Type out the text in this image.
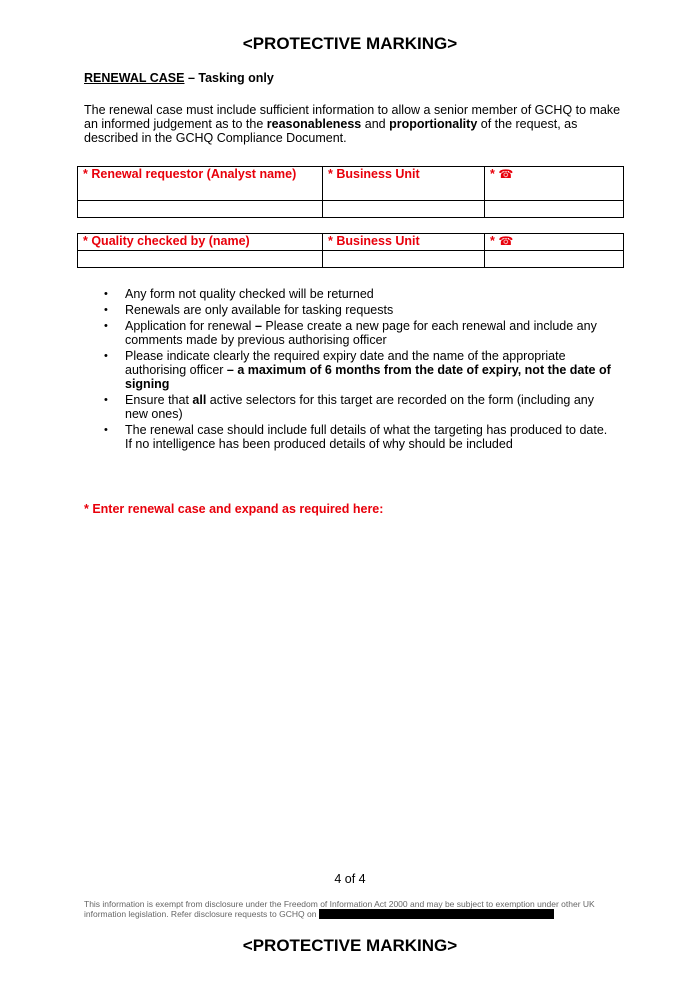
<PROTECTIVE MARKING>
RENEWAL CASE – Tasking only
The renewal case must include sufficient information to allow a senior member of GCHQ to make an informed judgement as to the reasonableness and proportionality of the request, as described in the GCHQ Compliance Document.
* Renewal requestor (Analyst name)	* Business Unit	* ☎

* Quality checked by (name)	* Business Unit	* ☎

• Any form not quality checked will be returned
• Renewals are only available for tasking requests
• Application for renewal – Please create a new page for each renewal and include any comments made by previous authorising officer
• Please indicate clearly the required expiry date and the name of the appropriate authorising officer – a maximum of 6 months from the date of expiry, not the date of signing
• Ensure that all active selectors for this target are recorded on the form (including any new ones)
• The renewal case should include full details of what the targeting has produced to date. If no intelligence has been produced details of why should be included
* Enter renewal case and expand as required here:
4 of 4
This information is exempt from disclosure under the Freedom of Information Act 2000 and may be subject to exemption under other UK information legislation. Refer disclosure requests to GCHQ on
<PROTECTIVE MARKING>
